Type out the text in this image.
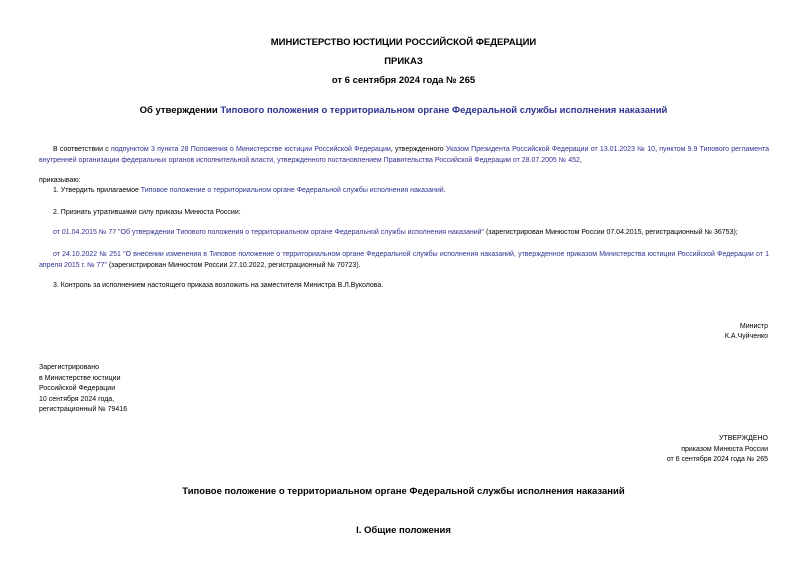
МИНИСТЕРСТВО ЮСТИЦИИ РОССИЙСКОЙ ФЕДЕРАЦИИ
ПРИКАЗ
от 6 сентября 2024 года № 265
Об утверждении Типового положения о территориальном органе Федеральной службы исполнения наказаний
В соответствии с подпунктом 3 пункта 28 Положения о Министерстве юстиции Российской Федерации, утвержденного Указом Президента Российской Федерации от 13.01.2023 № 10, пунктом 9.9 Типового регламента внутренней организации федеральных органов исполнительной власти, утвержденного постановлением Правительства Российской Федерации от 28.07.2005 № 452,
приказываю:
1. Утвердить прилагаемое Типовое положение о территориальном органе Федеральной службы исполнения наказаний.
2. Признать утратившими силу приказы Минюста России:
от 01.04.2015 № 77 "Об утверждении Типового положения о территориальном органе Федеральной службы исполнения наказаний" (зарегистрирован Минюстом России 07.04.2015, регистрационный № 36753);
от 24.10.2022 № 251 "О внесении изменения в Типовое положение о территориальном органе Федеральной службы исполнения наказаний, утвержденное приказом Министерства юстиции Российской Федерации от 1 апреля 2015 г. № 77" (зарегистрирован Минюстом России 27.10.2022, регистрационный № 70723).
3. Контроль за исполнением настоящего приказа возложить на заместителя Министра В.Л.Вуколова.
Министр
К.А.Чуйченко
Зарегистрировано
в Министерстве юстиции
Российской Федерации
10 сентября 2024 года,
регистрационный № 79416
УТВЕРЖДЕНО
приказом Минюста России
от 6 сентября 2024 года № 265
Типовое положение о территориальном органе Федеральной службы исполнения наказаний
I. Общие положения
